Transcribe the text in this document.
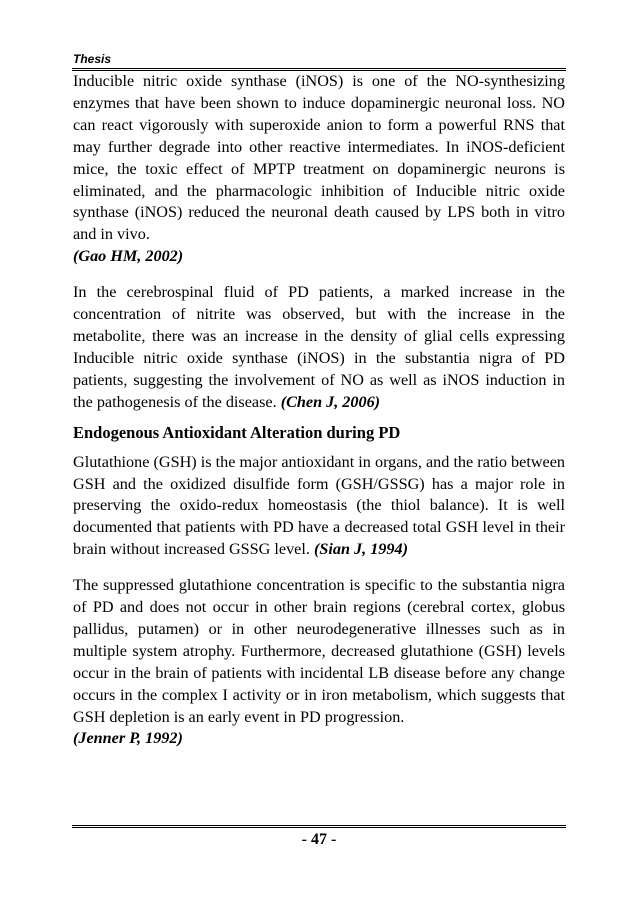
Thesis

Inducible nitric oxide synthase (iNOS) is one of the NO-synthesizing enzymes that have been shown to induce dopaminergic neuronal loss. NO can react vigorously with superoxide anion to form a powerful RNS that may further degrade into other reactive intermediates. In iNOS-deficient mice, the toxic effect of MPTP treatment on dopaminergic neurons is eliminated, and the pharmacologic inhibition of Inducible nitric oxide synthase (iNOS) reduced the neuronal death caused by LPS both in vitro and in vivo.

(Gao HM, 2002)

In the cerebrospinal fluid of PD patients, a marked increase in the concentration of nitrite was observed, but with the increase in the metabolite, there was an increase in the density of glial cells expressing Inducible nitric oxide synthase (iNOS) in the substantia nigra of PD patients, suggesting the involvement of NO as well as iNOS induction in the pathogenesis of the disease. (Chen J, 2006)

Endogenous Antioxidant Alteration during PD

Glutathione (GSH) is the major antioxidant in organs, and the ratio between GSH and the oxidized disulfide form (GSH/GSSG) has a major role in preserving the oxido-redux homeostasis (the thiol balance). It is well documented that patients with PD have a decreased total GSH level in their brain without increased GSSG level. (Sian J, 1994)

The suppressed glutathione concentration is specific to the substantia nigra of PD and does not occur in other brain regions (cerebral cortex, globus pallidus, putamen) or in other neurodegenerative illnesses such as in multiple system atrophy. Furthermore, decreased glutathione (GSH) levels occur in the brain of patients with incidental LB disease before any change occurs in the complex I activity or in iron metabolism, which suggests that GSH depletion is an early event in PD progression.

(Jenner P, 1992)

- 47 -
